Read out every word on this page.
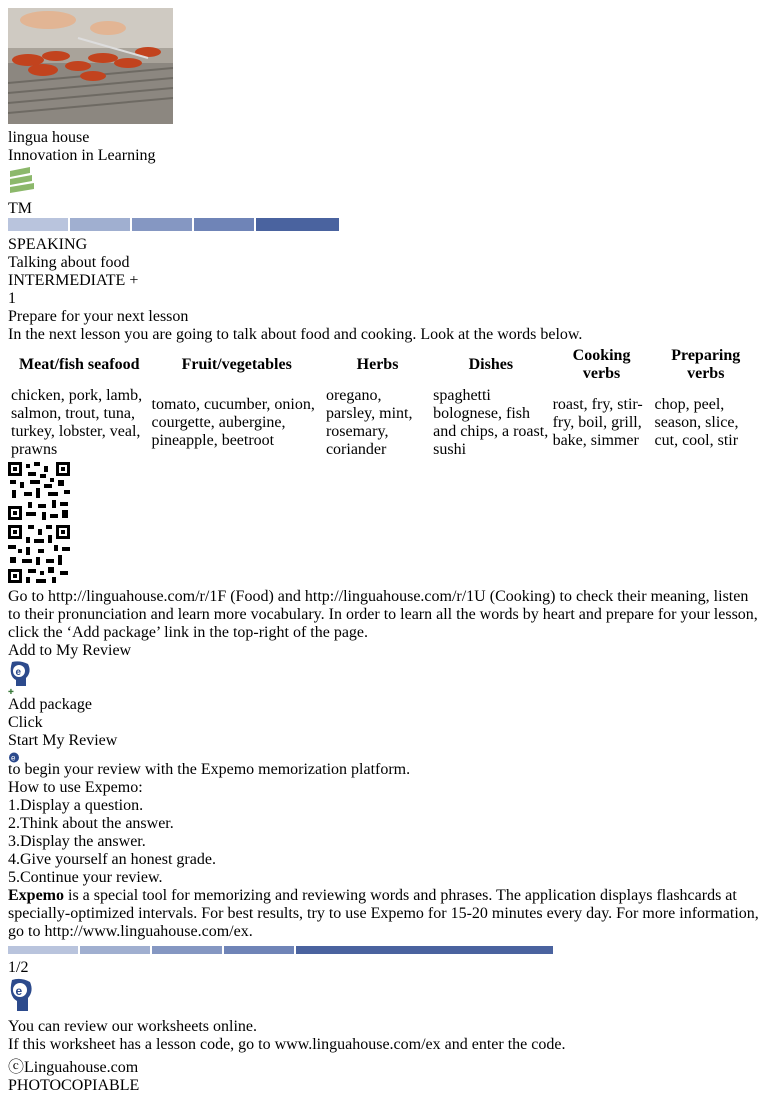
lingua house
Innovation in Learning
TM
SPEAKING
Talking about food
INTERMEDIATE +
1
Prepare for your next lesson
In the next lesson you are going to talk about food and cooking. Look at the words below.
Meat/fish seafood	Fruit/vegetables	Herbs	Dishes	Cooking verbs	Preparing verbs
chicken, pork, lamb, salmon, trout, tuna, turkey, lobster, veal, prawns	tomato, cucumber, onion, courgette, aubergine, pineapple, beetroot	oregano, parsley, mint, rosemary, coriander	spaghetti bolognese, fish and chips, a roast, sushi	roast, fry, stir-fry, boil, grill, bake, simmer	chop, peel, season, slice, cut, cool, stir
Go to http://linguahouse.com/r/1F (Food) and http://linguahouse.com/r/1U (Cooking) to check their meaning, listen to their pronunciation and learn more vocabulary. In order to learn all the words by heart and prepare for your lesson, click the ‘Add package’ link in the top-right of the page.
Add to My Review
e
✚
Add package
Click
Start My Review
e
to begin your review with the Expemo memorization platform.
How to use Expemo:
1.Display a question.
2.Think about the answer.
3.Display the answer.
4.Give yourself an honest grade.
5.Continue your review.
Expemo is a special tool for memorizing and reviewing words and phrases. The application displays flashcards at specially-optimized intervals. For best results, try to use Expemo for 15-20 minutes every day. For more information, go to http://www.linguahouse.com/ex.
1/2
e
You can review our worksheets online.
If this worksheet has a lesson code, go to www.linguahouse.com/ex and enter the code.
ⓒLinguahouse.com
PHOTOCOPIABLE
